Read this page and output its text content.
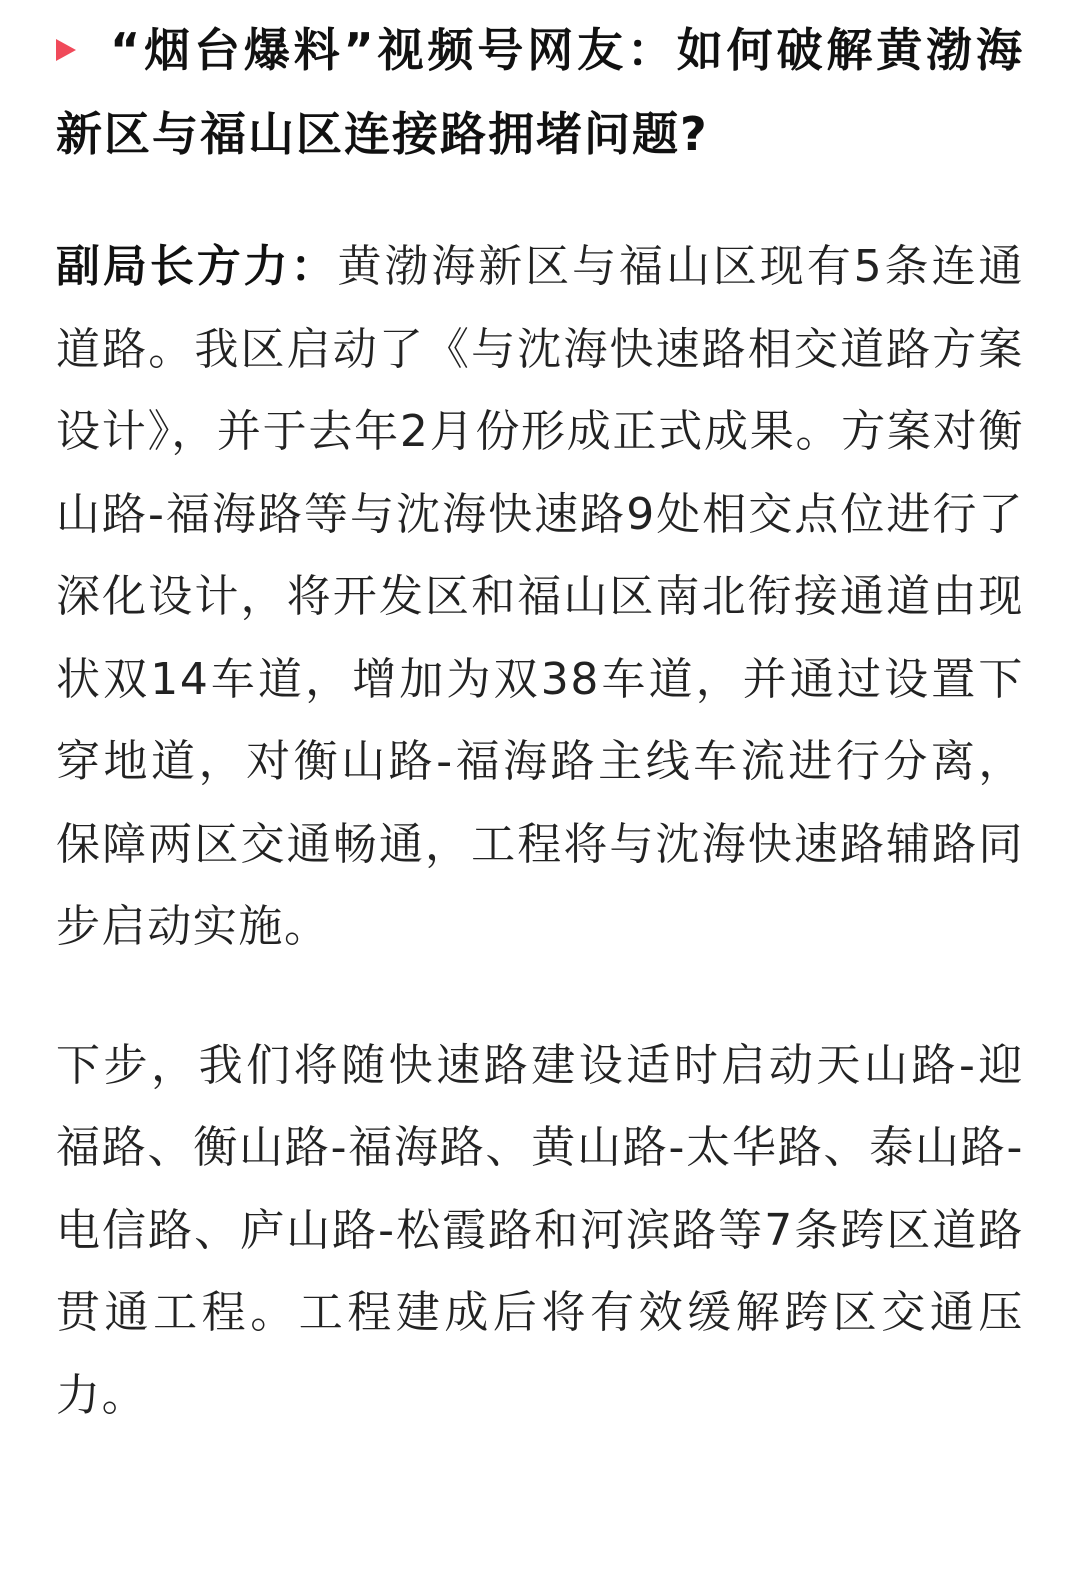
“烟台爆料”视频号网友：如何破解黄渤海新区与福山区连接路拥堵问题?

副局长方力：黄渤海新区与福山区现有5条连通道路。我区启动了《与沈海快速路相交道路方案设计》，并于去年2月份形成正式成果。方案对衡山路-福海路等与沈海快速路9处相交点位进行了深化设计，将开发区和福山区南北衔接通道由现状双14车道，增加为双38车道，并通过设置下穿地道，对衡山路-福海路主线车流进行分离，保障两区交通畅通，工程将与沈海快速路辅路同步启动实施。

下步，我们将随快速路建设适时启动天山路-迎福路、衡山路-福海路、黄山路-太华路、泰山路-电信路、庐山路-松霞路和河滨路等7条跨区道路贯通工程。工程建成后将有效缓解跨区交通压力。
